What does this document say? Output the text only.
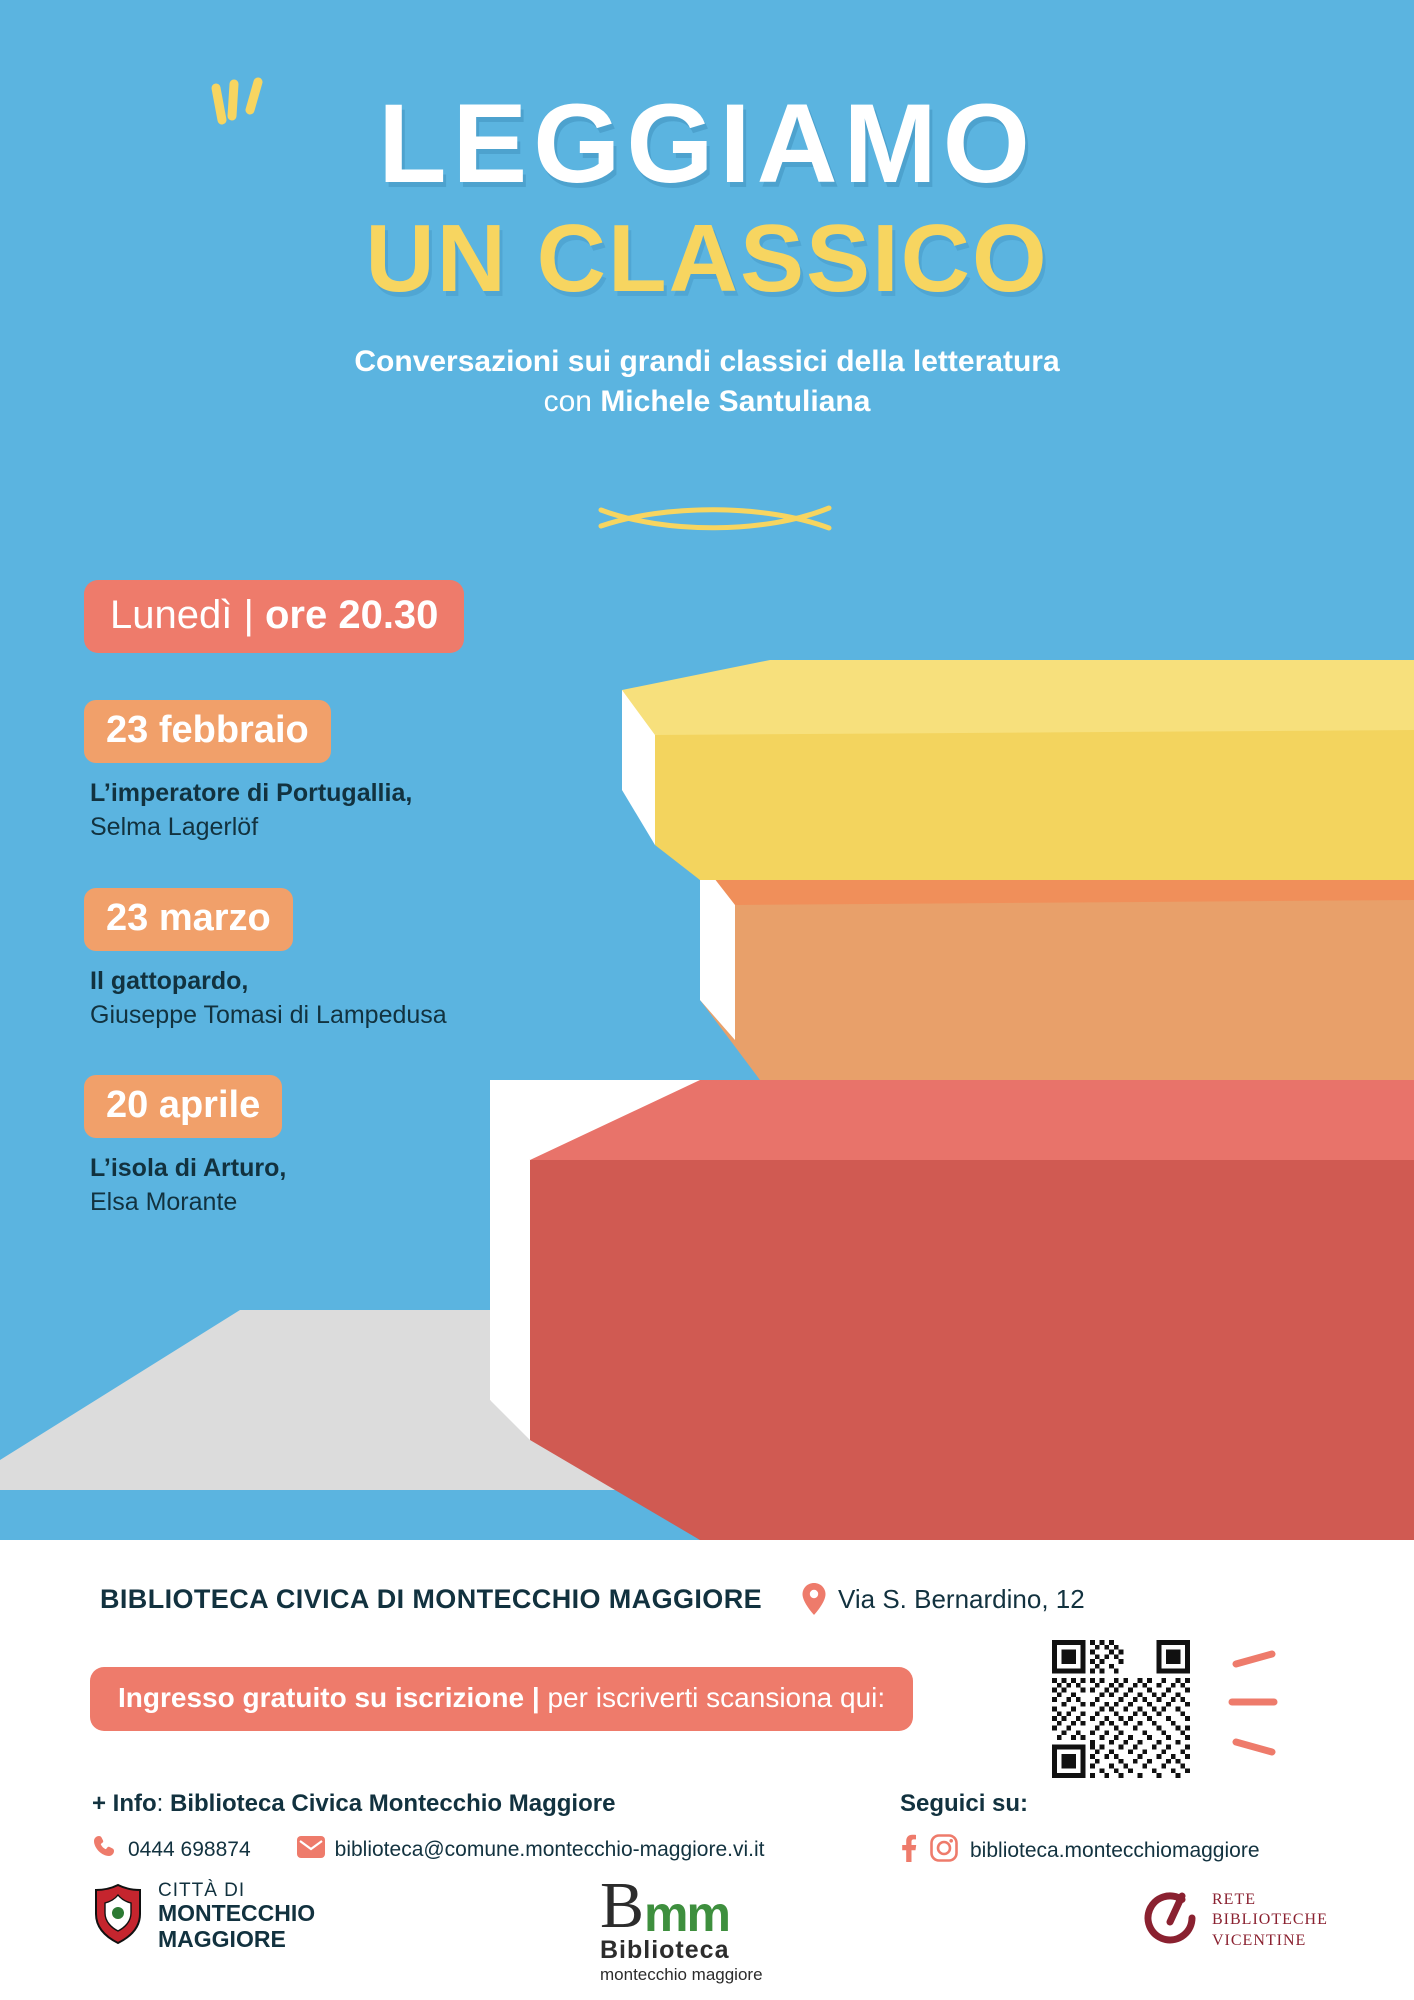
LEGGIAMO
UN CLASSICO
Conversazioni sui grandi classici della letteratura
con Michele Santuliana
Lunedì | ore 20.30
23 febbraio
L’imperatore di Portugallia,
Selma Lagerlöf
23 marzo
Il gattopardo,
Giuseppe Tomasi di Lampedusa
20 aprile
L’isola di Arturo,
Elsa Morante
BIBLIOTECA CIVICA DI MONTECCHIO MAGGIORE	Via S. Bernardino, 12
Ingresso gratuito su iscrizione | per iscriverti scansiona qui:
+ Info: Biblioteca Civica Montecchio Maggiore
0444 698874	biblioteca@comune.montecchio-maggiore.vi.it
Seguici su:
biblioteca.montecchiomaggiore
CITTÀ DI
MONTECCHIO
MAGGIORE	B mm
Biblioteca
montecchio maggiore
RETE
BIBLIOTECHE
VICENTINE
